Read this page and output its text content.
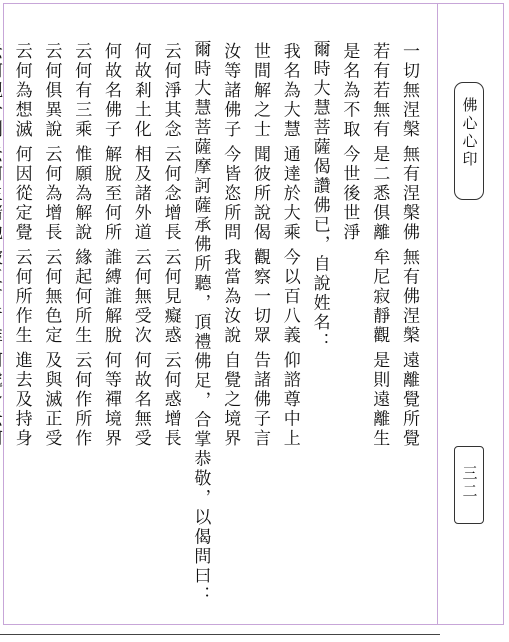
佛心心印
三二
一切無涅槃
無有涅槃佛
無有佛涅槃
遠離覺所覺
若有若無有
是二悉俱離
牟尼寂靜觀
是則遠離生
是名為不取
今世後世淨
爾時大慧菩薩偈讚佛已，自說姓名：
我名為大慧
通達於大乘
今以百八義
仰諮尊中上
世間解之士
聞彼所說偈
觀察一切眾
告諸佛子言
汝等諸佛子
今皆恣所問
我當為汝說
自覺之境界
爾時大慧菩薩摩訶薩承佛所聽，頂禮佛足，合掌恭敬，以偈問曰：
云何淨其念
云何念增長
云何見癡惑
云何惑增長
何故剎土化
相及諸外道
云何無受次
何故名無受
何故名佛子
解脫至何所
誰縛誰解脫
何等禪境界
云何有三乘
惟願為解說
緣起何所生
云何作所作
云何俱異說
云何為增長
云何無色定
及與滅正受
云何為想滅
何因從定覺
云何所作生
進去及持身
